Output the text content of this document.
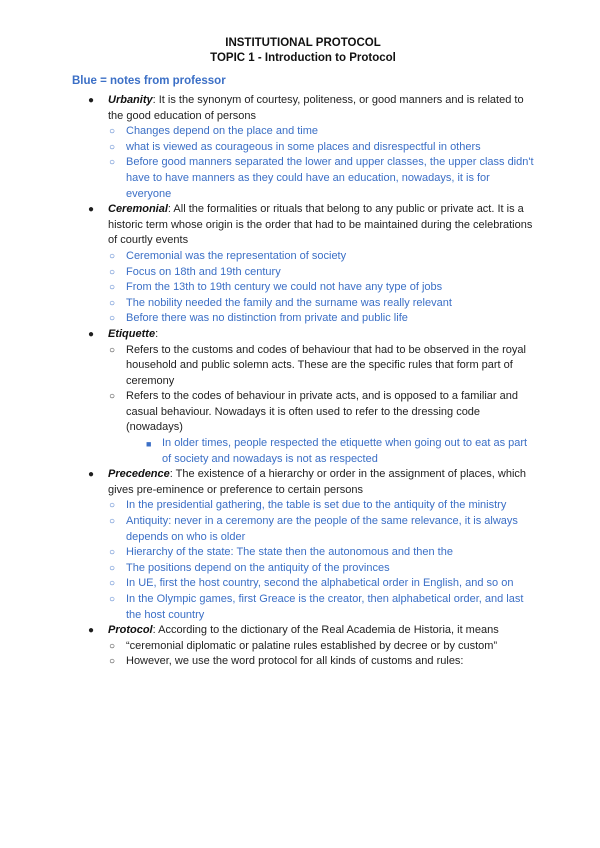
INSTITUTIONAL PROTOCOL
TOPIC 1 - Introduction to Protocol
Blue = notes from professor
● Urbanity: It is the synonym of courtesy, politeness, or good manners and is related to the good education of persons
○ Changes depend on the place and time
○ what is viewed as courageous in some places and disrespectful in others
○ Before good manners separated the lower and upper classes, the upper class didn't have to have manners as they could have an education, nowadays, it is for everyone
● Ceremonial: All the formalities or rituals that belong to any public or private act. It is a historic term whose origin is the order that had to be maintained during the celebrations of courtly events
○ Ceremonial was the representation of society
○ Focus on 18th and 19th century
○ From the 13th to 19th century we could not have any type of jobs
○ The nobility needed the family and the surname was really relevant
○ Before there was no distinction from private and public life
● Etiquette:
○ Refers to the customs and codes of behaviour that had to be observed in the royal household and public solemn acts. These are the specific rules that form part of ceremony
○ Refers to the codes of behaviour in private acts, and is opposed to a familiar and casual behaviour. Nowadays it is often used to refer to the dressing code (nowadays)
■ In older times, people respected the etiquette when going out to eat as part of society and nowadays is not as respected
● Precedence: The existence of a hierarchy or order in the assignment of places, which gives pre-eminence or preference to certain persons
○ In the presidential gathering, the table is set due to the antiquity of the ministry
○ Antiquity: never in a ceremony are the people of the same relevance, it is always depends on who is older
○ Hierarchy of the state: The state then the autonomous and then the
○ The positions depend on the antiquity of the provinces
○ In UE, first the host country, second the alphabetical order in English, and so on
○ In the Olympic games, first Greace is the creator, then alphabetical order, and last the host country
● Protocol: According to the dictionary of the Real Academia de Historia, it means
○ “ceremonial diplomatic or palatine rules established by decree or by custom”
○ However, we use the word protocol for all kinds of customs and rules:
